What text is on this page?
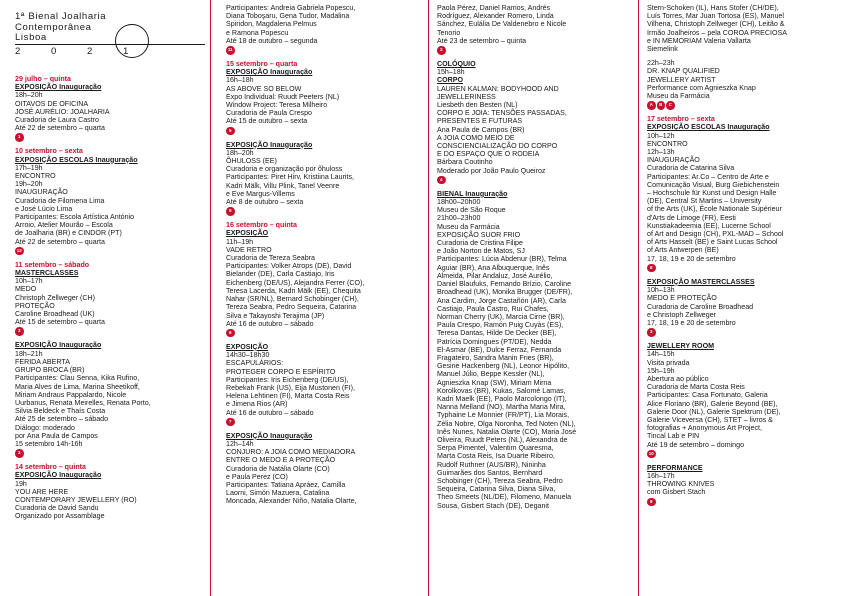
1ª Bienal Joalharia
Contemporânea
Lisboa
2 0 2 1
29 julho – quinta
EXPOSIÇÃO Inauguração
18h–20h
OITAVOS DE OFICINA
JOSÉ AURÉLIO: JOALHARIA
Curadoria de Laura Castro
Até 22 de setembro – quarta
1
10 setembro – sexta
EXPOSIÇÃO ESCOLAS Inauguração
17h–19h
ENCONTRO
19h–20h
INAUGURAÇÃO
Curadoria de Filomena Lima
e José Lúcio Lima
Participantes: Escola Artística António
Arroio, Atelier Mourão – Escola
de Joalharia (BR) e CINDOR (PT)
Até 22 de setembro – quarta
12
11 setembro – sábado
MASTERCLASSES
10h–17h
MEDO
Christoph Zellweger (CH)
PROTEÇÃO
Caroline Broadhead (UK)
Até 15 de setembro – quarta
3
EXPOSIÇÃO Inauguração
18h–21h
FERIDA ABERTA
GRUPO BROCA (BR)
Participantes: Clau Senna, Kika Rufino,
Maria Alves de Lima, Marina Sheetikoff,
Miriam Andraus Pappalardo, Nicole
Uurbanus, Renata Meirelles, Renata Porto,
Silvia Beldeck e Thaís Costa
Até 25 de setembro – sábado
Diálogo: moderado
por Ana Paula de Campos
15 setembro 14h-16h
2
14 setembro – quinta
EXPOSIÇÃO Inauguração
19h
YOU ARE HERE
CONTEMPORARY JEWELLERY (RO)
Curadoria de David Sandu
Organizado por Assamblage
Participantes: Andreia Gabriela Popescu,
Diana Toboşaru, Gena Tudor, Madalina
Spiridon, Magdalena Pelmus
e Ramona Popescu
Até 18 de outubro – segunda
11
15 setembro – quarta
EXPOSIÇÃO Inauguração
16h–18h
AS ABOVE SO BELOW
Expo Individual: Ruudt Peeters (NL)
Window Project: Teresa Milheiro
Curadoria de Paula Crespo
Até 15 de outubro – sexta
5
EXPOSIÇÃO Inauguração
18h–20h
ÕHULOSS (EE)
Curadoria e organização por õhuloss
Participantes: Piret Hirv, Kristiina Laurits,
Kadri Mälk, Villu Plink, Tanel Veenre
e Eve Margus-Villems
Até 8 de outubro – sexta
9
16 setembro – quinta
EXPOSIÇÃO
11h–19h
VADE RETRO
Curadoria de Tereza Seabra
Participantes: Volker Atrops (DE), David
Bielander (DE), Carla Castiajo, Iris
Eichenberg (DE/US), Alejandra Ferrer (CO),
Teresa Lacerda, Kadri Mälk (EE), Chequita
Nahar (SR/NL), Bernard Schobinger (CH),
Tereza Seabra, Pedro Sequeira, Catarina
Silva e Takayoshi Terajima (JP)
Até 16 de outubro – sábado
6
EXPOSIÇÃO
14h30–18h30
ESCAPULÁRIOS:
PROTEGER CORPO E ESPÍRITO
Participantes: Iris Eichenberg (DE/US),
Rebekah Frank (US), Eija Mustonen (FI),
Helena Lehtinen (FI), Marta Costa Reis
e Jimena Rios (AR)
Até 16 de outubro – sábado
7
EXPOSIÇÃO Inauguração
12h–14h
CONJURO: A JOIA COMO MEDIADORA
ENTRE O MEDO E A PROTEÇÃO
Curadoria de Natália Olarte (CO)
e Paula Perez (CO)
Participantes: Tatiana Apráez, Camilla
Laorni, Simón Mazuera, Catalina
Moncada, Alexander Niño, Natalia Olarte,
Paola Pérez, Daniel Ramos, Andrés
Rodríguez, Alexander Romero, Linda
Sánchez, Eulália De Valdenebro e Nicole
Tenorio
Até 23 de setembro – quinta
3
COLÓQUIO
15h–18h
CORPO
LAUREN KALMAN: BODYHOOD AND
JEWELLERINESS
Liesbeth den Besten (NL)
CORPO E JOIA: TENSÕES PASSADAS,
PRESENTES E FUTURAS
Ana Paula de Campos (BR)
A JOIA COMO MEIO DE
CONSCIENCIALIZAÇÃO DO CORPO
E DO ESPAÇO QUE O RODEIA
Bárbara Coutinho
Moderado por João Paulo Queiroz
4
BIENAL Inauguração
18h00–20h00
Museu de São Roque
21h00–23h00
Museu da Farmácia
EXPOSIÇÃO SUOR FRIO
Curadoria de Cristina Filipe
e João Norton de Matos, SJ
Participantes: Lúcia Abdenur (BR), Telma
Aguiar (BR), Ana Albuquerque, Inês
Almeida, Pilar Andaluz, José Aurélio,
Daniel Blaufuks, Fernando Brízio, Caroline
Broadhead (UK), Monika Brugger (DE/FR),
Ana Cardim, Jorge Castañón (AR), Carla
Castiajo, Paula Castro, Rui Chafes,
Norman Cherry (UK), Marcia Cirne (BR),
Paula Crespo, Ramón Puig Cuyàs (ES),
Teresa Dantas, Hilde De Decker (BE),
Patrícia Domingues (PT/DE), Nedda
El-Asmar (BE), Dulce Ferraz, Fernanda
Fragateiro, Sandra Manin Fries (BR),
Gesine Hackenberg (NL), Leonor Hipólito,
Manuel Júlio, Beppe Kessler (NL),
Agnieszka Knap (SW), Miriam Mirna
Korolkovas (BR), Kukas, Salomé Lamas,
Kadri Maelk (EE), Paolo Marcolongo (IT),
Nanna Melland (NO), Martha Maria Mira,
Typhaine Le Monnier (FR/PT), Lia Morais,
Zélia Nobre, Olga Noronha, Ted Noten (NL),
Inês Nunes, Natalia Olarte (CO), Maria José
Oliveira, Ruudt Peters (NL), Alexandra de
Serpa Pimentel, Valentim Quaresma,
Marta Costa Reis, Isa Duarte Ribeiro,
Rudolf Ruthner (AUS/BR), Nininha
Guimarães dos Santos, Bernhard
Schobinger (CH), Tereza Seabra, Pedro
Sequeira, Catarina Silva, Diana Silva,
Theo Smeets (NL/DE), Filomeno, Manuela
Sousa, Gisbert Stach (DE), Deganit
Stern-Schoken (IL), Hans Stofer (CH/DE),
Luís Torres, Mar Juan Tortosa (ES), Manuel
Vilhena, Christoph Zellweger (CH), Leitão &
Irmão Joalheiros – pela COROA PRECIOSA
e IN MEMORIAM Valeria Vallarta
Siemelink
22h–23h
DR. KNAP QUALIFIED
JEWELLERY ARTIST
Performance com Agnieszka Knap
Museu da Farmácia
A	B	C
17 setembro – sexta
EXPOSIÇÃO ESCOLAS Inauguração
10h–12h
ENCONTRO
12h–13h
INAUGURAÇÃO
Curadoria de Catarina Silva
Participantes: Ar.Co – Centro de Arte e
Comunicação Visual, Burg Giebichenstein
– Hochschule für Kunst und Design Halle
(DE), Central St Martins – University
of the Arts (UK), École Nationale Supérieur
d'Arts de Limoge (FR), Eesti
Kunstiakadeemia (EE), Lucerne School
of Art and Design (CH), PXL-MAD – School
of Arts Hasselt (BE) e Saint Lucas School
of Arts Antwerpen (BE)
17, 18, 19 e 20 de setembro
8
EXPOSIÇÃO MASTERCLASSES
10h–13h
MEDO E PROTEÇÃO
Curadoria de Caroline Broadhead
e Christoph Zellweger
17, 18, 19 e 20 de setembro
3
JEWELLERY ROOM
14h–15h
Visita privada
15h–19h
Abertura ao público
Curadoria de Marta Costa Reis
Participantes: Casa Fortunato, Galeria
Alice Floriano (BR), Galerie Beyond (BE),
Galerie Door (NL), Galerie Spektrum (DE),
Galerie Viceversa (CH), STET – livros &
fotografias + Anonymous Art Project,
Tincal Lab e PIN
Até 19 de setembro – domingo
10
PERFORMANCE
16h–17h
THROWING KNIVES
com Gisbert Stach
8
